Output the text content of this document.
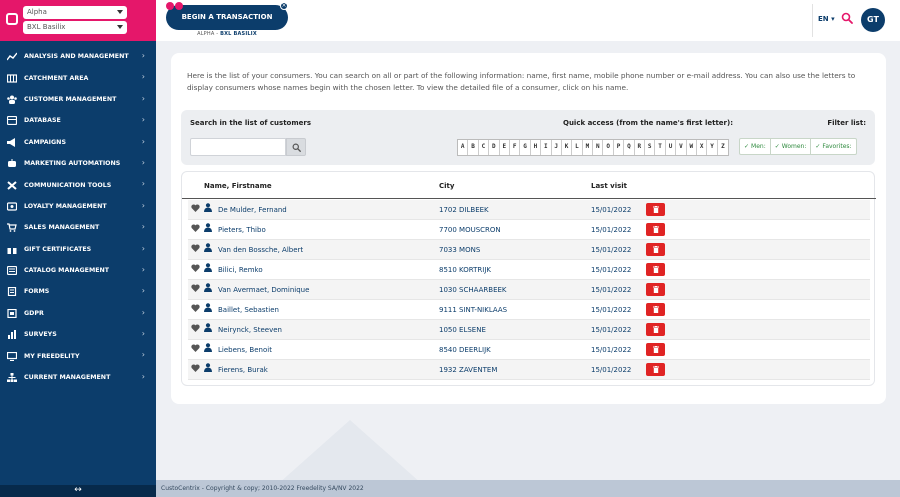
Alpha
BXL Basilix
ANALYSIS AND MANAGEMENT ›
CATCHMENT AREA	›
CUSTOMER MANAGEMENT	›
DATABASE	›
CAMPAIGNS	›
MARKETING AUTOMATIONS	›
COMMUNICATION TOOLS	›
LOYALTY MANAGEMENT	›
SALES MANAGEMENT	›
GIFT CERTIFICATES	›
CATALOG MANAGEMENT	›
FORMS	›
GDPR	›
SURVEYS	›
MY FREEDELITY	›
CURRENT MANAGEMENT	›
↔
BEGIN A TRANSACTION
×
ALPHA - BXL BASILIX
EN ▾	GT

Here is the list of your consumers. You can search on all or part of the following information: name, first name, mobile phone number or e-mail address. You can also use the letters to display consumers whose names begin with the chosen letter. To view the detailed file of a consumer, click on his name.

Search in the list of customers	Quick access (from the name's first letter):
A	B	C	D	E	F	G	H	I	J	K	L	M	N	O	P	Q	R	S	T	U	V	W	X	Y	Z
Filter list:
✓ Men:	✓ Women:	✓ Favorites:
Name, Firstname	City	Last visit
De Mulder, Fernand	1702 DILBEEK	15/01/2022
Pieters, Thibo	7700 MOUSCRON	15/01/2022
Van den Bossche, Albert	7033 MONS	15/01/2022
Bilici, Remko	8510 KORTRIJK	15/01/2022
Van Avermaet, Dominique	1030 SCHAARBEEK	15/01/2022
Baillet, Sebastien	9111 SINT-NIKLAAS	15/01/2022
Neirynck, Steeven	1050 ELSENE	15/01/2022
Liebens, Benoit	8540 DEERLIJK	15/01/2022
Fierens, Burak	1932 ZAVENTEM	15/01/2022
CustoCentrix - Copyright & copy; 2010-2022 Freedelity SA/NV 2022
